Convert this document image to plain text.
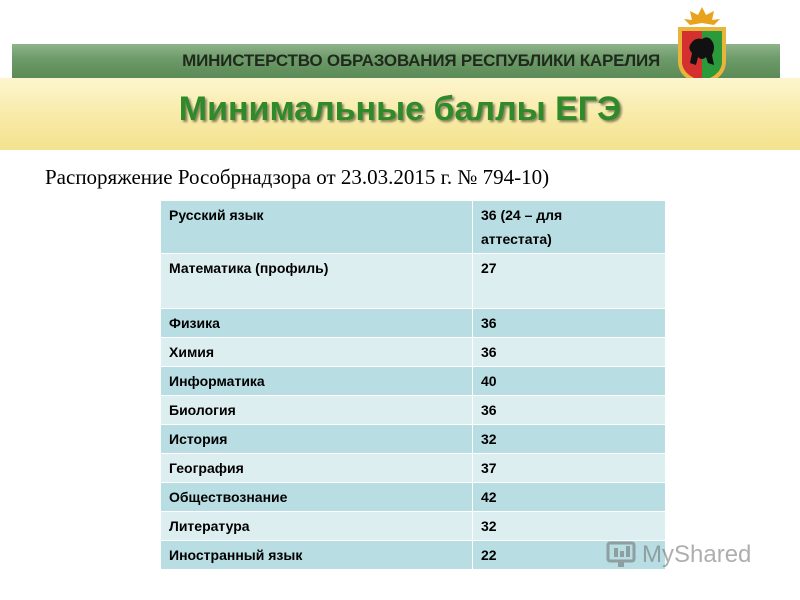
МИНИСТЕРСТВО ОБРАЗОВАНИЯ РЕСПУБЛИКИ КАРЕЛИЯ
Минимальные баллы ЕГЭ
Распоряжение Рособрнадзора от 23.03.2015 г. № 794-10)
Русский язык	36 (24 – для
аттестата)
Математика (профиль)	27
Физика	36
Химия	36
Информатика	40
Биология	36
История	32
География	37
Обществознание	42
Литература	32
Иностранный язык	22	MyShared
